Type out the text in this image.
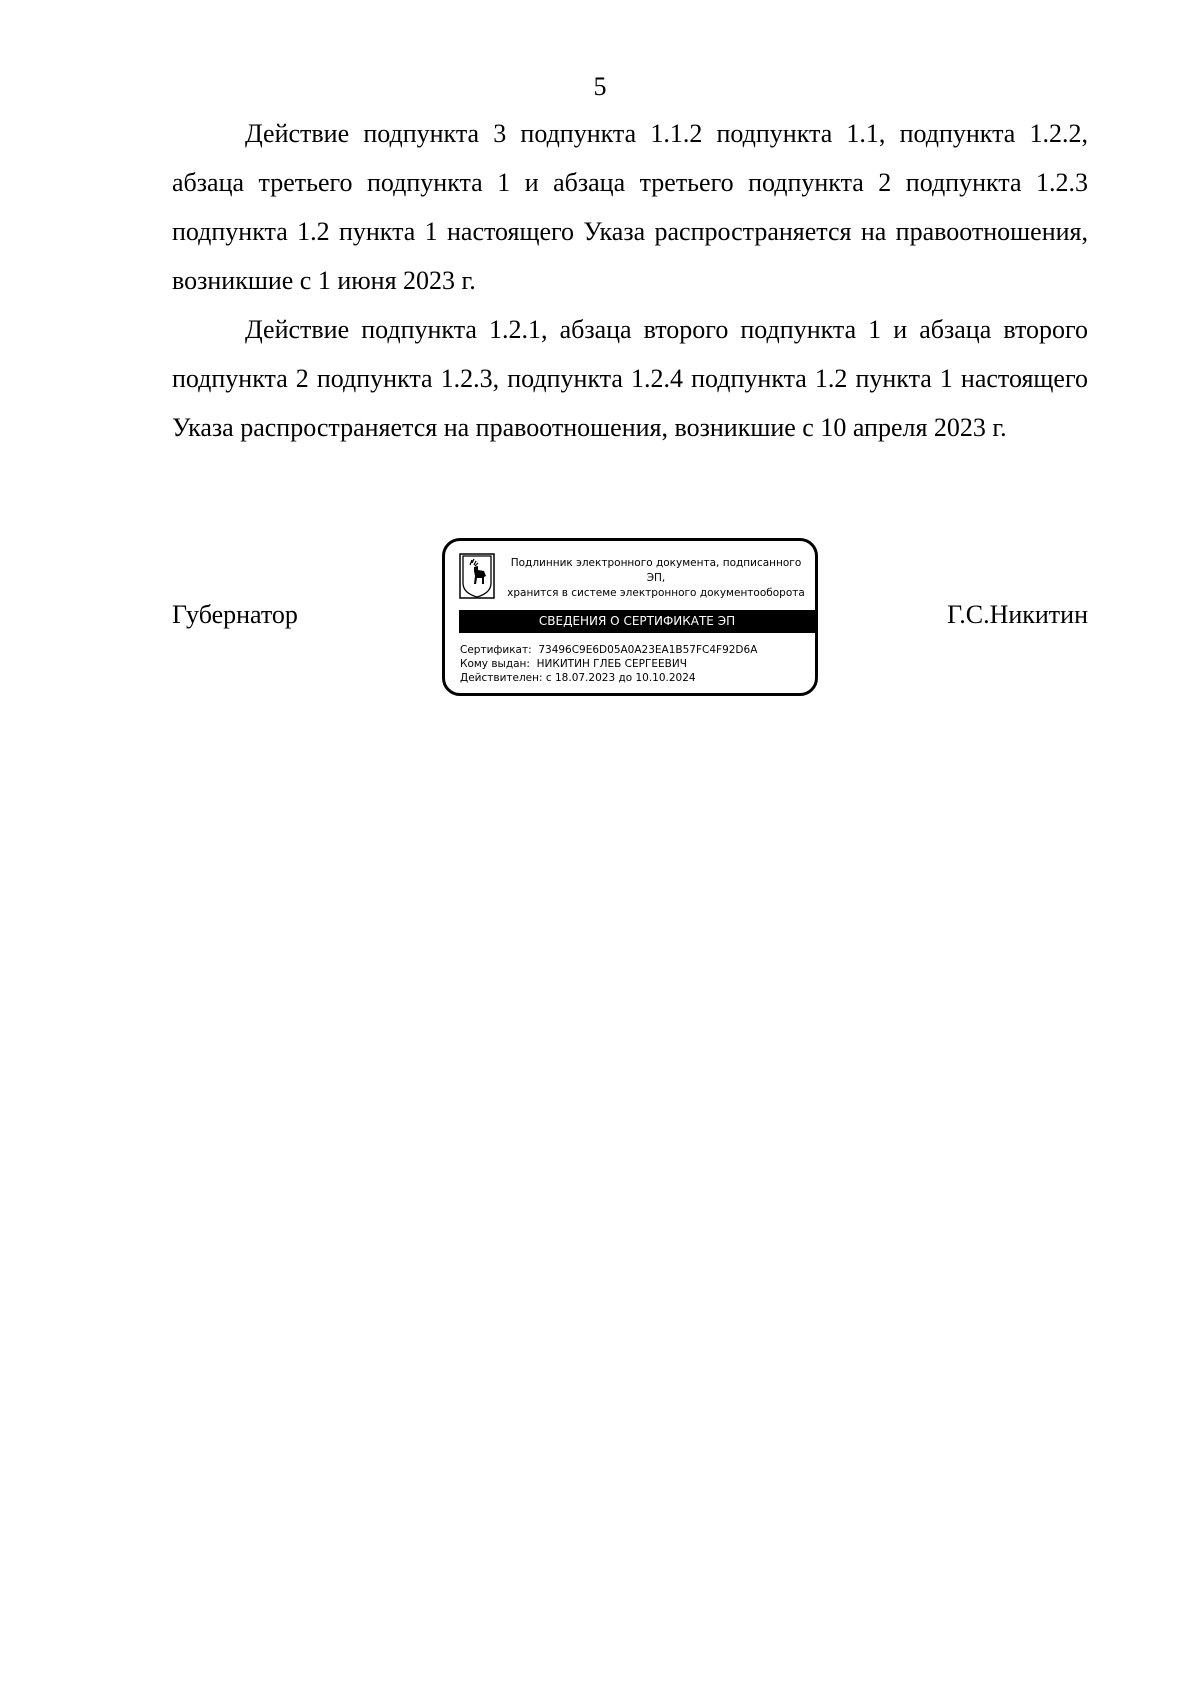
5

Действие подпункта 3 подпункта 1.1.2 подпункта 1.1, подпункта 1.2.2, абзаца третьего подпункта 1 и абзаца третьего подпункта 2 подпункта 1.2.3 подпункта 1.2 пункта 1 настоящего Указа распространяется на правоотношения, возникшие с 1 июня 2023 г.

Действие подпункта 1.2.1, абзаца второго подпункта 1 и абзаца второго подпункта 2 подпункта 1.2.3, подпункта 1.2.4 подпункта 1.2 пункта 1 настоящего Указа распространяется на правоотношения, возникшие с 10 апреля 2023 г.

Губернатор
Подлинник электронного документа, подписанного ЭП,
хранится в системе электронного документооборота
СВЕДЕНИЯ О СЕРТИФИКАТЕ ЭП
Сертификат: 73496C9E6D05A0A23EA1B57FC4F92D6A
Кому выдан: НИКИТИН ГЛЕБ СЕРГЕЕВИЧ
Действителен: с 18.07.2023 до 10.10.2024
Г.С.Никитин
